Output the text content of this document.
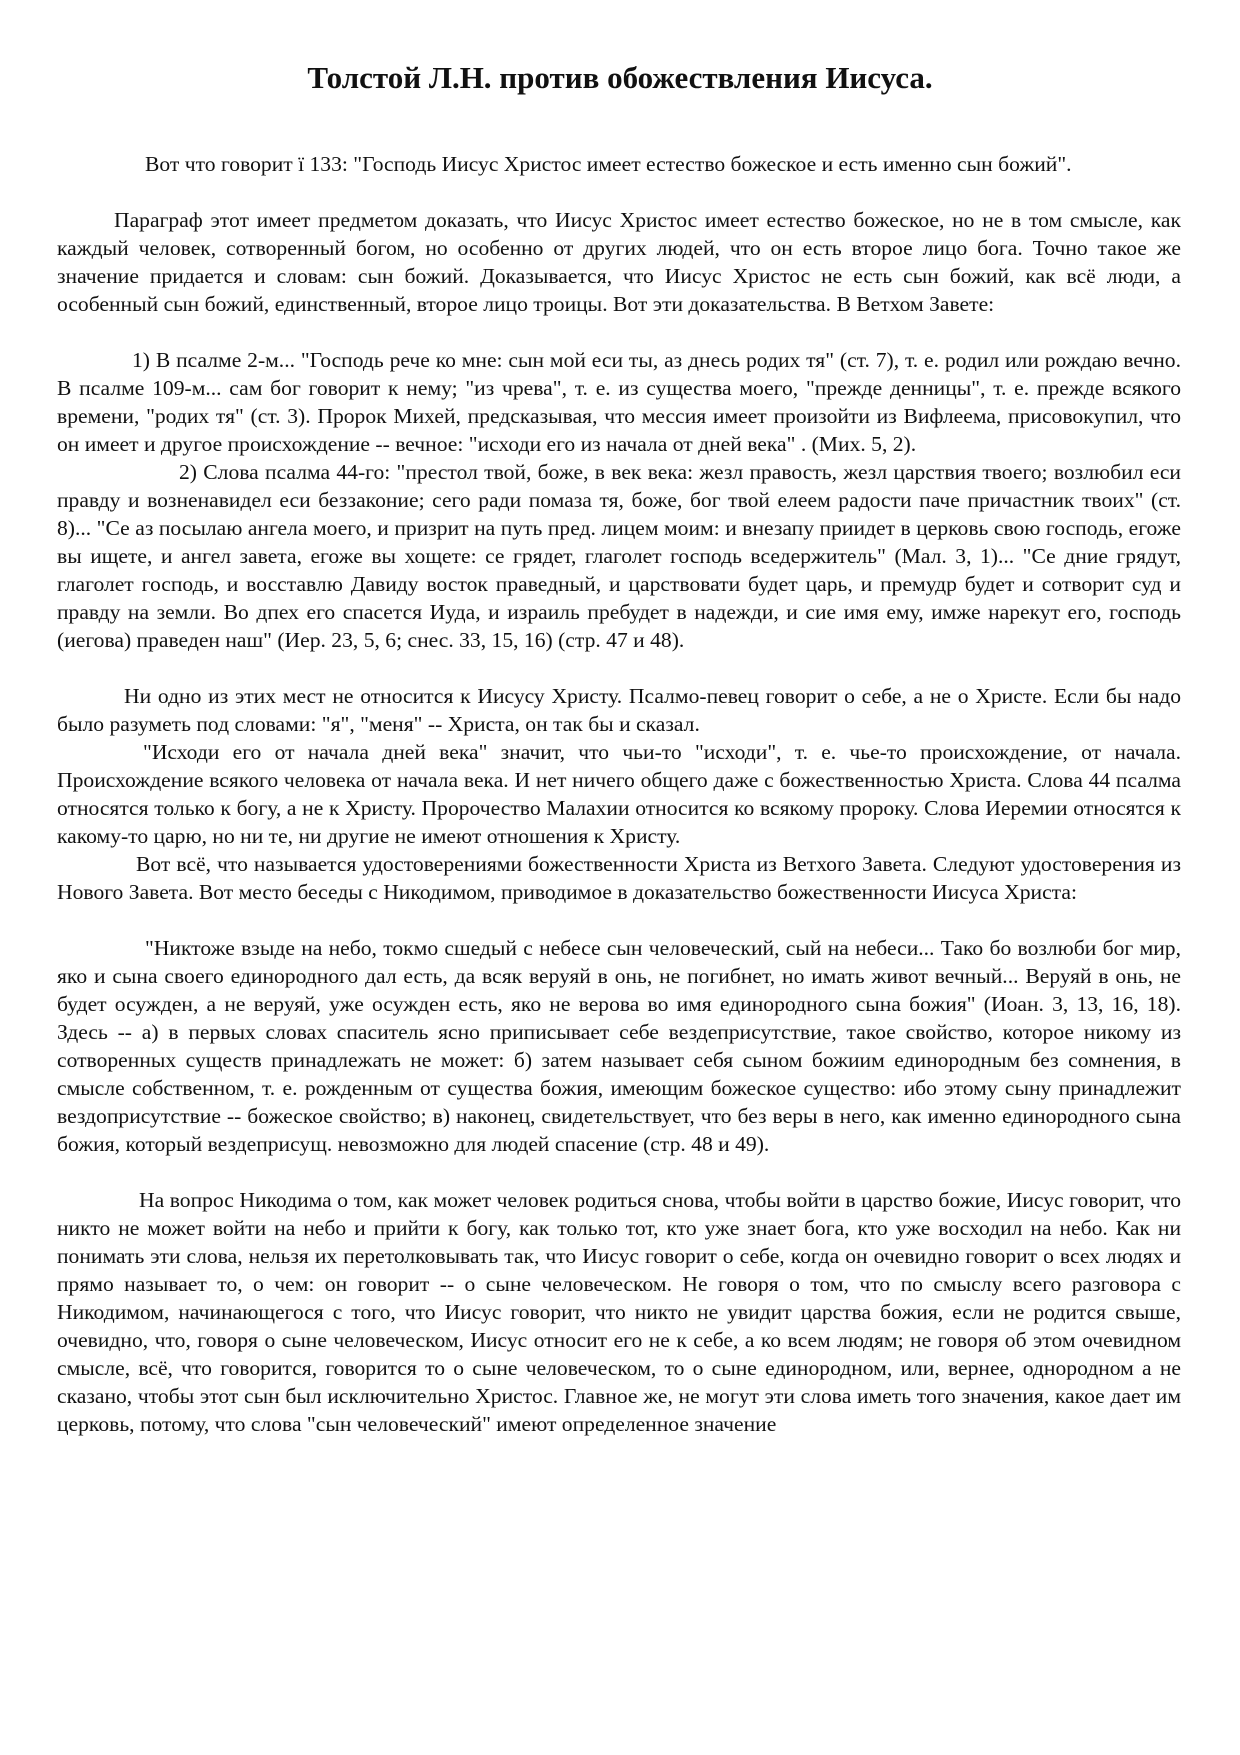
Толстой Л.Н. против обожествления Иисуса.

Вот что говорит ї 133: "Господь Иисус Христос имеет естество божеское и есть именно сын божий".

Параграф этот имеет предметом доказать, что Иисус Христос имеет естество божеское, но не в том смысле, как каждый человек, сотворенный богом, но особенно от других людей, что он есть второе лицо бога. Точно такое же значение придается и словам: сын божий. Доказывается, что Иисус Христос не есть сын божий, как всё люди, а особенный сын божий, единственный, второе лицо троицы. Вот эти доказательства. В Ветхом Завете:

1) В псалме 2-м... "Господь рече ко мне: сын мой еси ты, аз днесь родих тя" (ст. 7), т. е. родил или рождаю вечно. В псалме 109-м... сам бог говорит к нему; "из чрева", т. е. из существа моего, "прежде денницы", т. е. прежде всякого времени, "родих тя" (ст. 3). Пророк Михей, предсказывая, что мессия имеет произойти из Вифлеема, присовокупил, что он имеет и другое происхождение -- вечное: "исходи его из начала от дней века" . (Мих. 5, 2).

2) Слова псалма 44-го: "престол твой, боже, в век века: жезл правость, жезл царствия твоего; возлюбил еси правду и возненавидел еси беззаконие; сего ради помаза тя, боже, бог твой елеем радости паче причастник твоих" (ст. 8)... "Се аз посылаю ангела моего, и призрит на путь пред. лицем моим: и внезапу приидет в церковь свою господь, егоже вы ищете, и ангел завета, егоже вы хощете: се грядет, глаголет господь вседержитель" (Мал. 3, 1)... "Се дние грядут, глаголет господь, и восставлю Давиду восток праведный, и царствовати будет царь, и премудр будет и сотворит суд и правду на земли. Во дпех его спасется Иуда, и израиль пребудет в надежди, и сие имя ему, имже нарекут его, господь (иегова) праведен наш" (Иер. 23, 5, 6; снес. 33, 15, 16) (стр. 47 и 48).

Ни одно из этих мест не относится к Иисусу Христу. Псалмо-певец говорит о себе, а не о Христе. Если бы надо было разуметь под словами: "я", "меня" -- Христа, он так бы и сказал.

"Исходи его от начала дней века" значит, что чьи-то "исходи", т. е. чье-то происхождение, от начала. Происхождение всякого человека от начала века. И нет ничего общего даже с божественностью Христа. Слова 44 псалма относятся только к богу, а не к Христу. Пророчество Малахии относится ко всякому пророку. Слова Иеремии относятся к какому-то царю, но ни те, ни другие не имеют отношения к Христу.

Вот всё, что называется удостоверениями божественности Христа из Ветхого Завета. Следуют удостоверения из Нового Завета. Вот место беседы с Никодимом, приводимое в доказательство божественности Иисуса Христа:

"Никтоже взыде на небо, токмо сшедый с небесе сын человеческий, сый на небеси... Тако бо возлюби бог мир, яко и сына своего единородного дал есть, да всяк веруяй в онь, не погибнет, но имать живот вечный... Веруяй в онь, не будет осужден, а не веруяй, уже осужден есть, яко не верова во имя единородного сына божия" (Иоан. 3, 13, 16, 18). Здесь -- а) в первых словах спаситель ясно приписывает себе вездеприсутствие, такое свойство, которое никому из сотворенных существ принадлежать не может: б) затем называет себя сыном божиим единородным без сомнения, в смысле собственном, т. е. рожденным от существа божия, имеющим божеское существо: ибо этому сыну принадлежит вездоприсутствие -- божеское свойство; в) наконец, свидетельствует, что без веры в него, как именно единородного сына божия, который вездеприсущ. невозможно для людей спасение (стр. 48 и 49).

На вопрос Никодима о том, как может человек родиться снова, чтобы войти в царство божие, Иисус говорит, что никто не может войти на небо и прийти к богу, как только тот, кто уже знает бога, кто уже восходил на небо. Как ни понимать эти слова, нельзя их перетолковывать так, что Иисус говорит о себе, когда он очевидно говорит о всех людях и прямо называет то, о чем: он говорит -- о сыне человеческом. Не говоря о том, что по смыслу всего разговора с Никодимом, начинающегося с того, что Иисус говорит, что никто не увидит царства божия, если не родится свыше, очевидно, что, говоря о сыне человеческом, Иисус относит его не к себе, а ко всем людям; не говоря об этом очевидном смысле, всё, что говорится, говорится то о сыне человеческом, то о сыне единородном, или, вернее, однородном а не сказано, чтобы этот сын был исключительно Христос. Главное же, не могут эти слова иметь того значения, какое дает им церковь, потому, что слова "сын человеческий" имеют определенное значение
